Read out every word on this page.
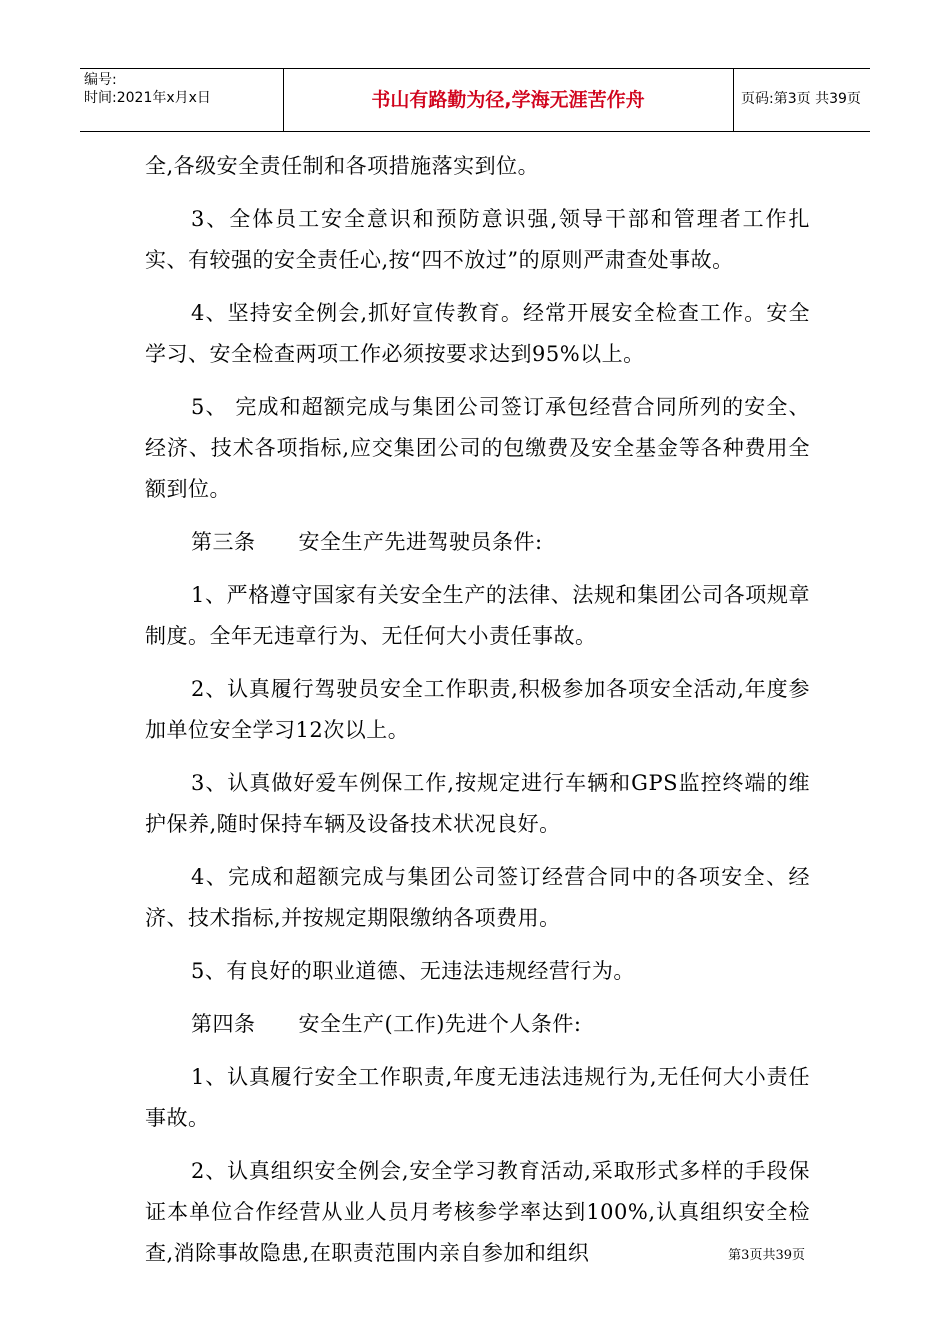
编号:
时间:2021年x月x日	书山有路勤为径,学海无涯苦作舟	页码:第3页 共39页

全,各级安全责任制和各项措施落实到位。

3、全体员工安全意识和预防意识强,领导干部和管理者工作扎实、有较强的安全责任心,按“四不放过”的原则严肃查处事故。

4、坚持安全例会,抓好宣传教育。经常开展安全检查工作。安全学习、安全检查两项工作必须按要求达到95%以上。

5、 完成和超额完成与集团公司签订承包经营合同所列的安全、经济、技术各项指标,应交集团公司的包缴费及安全基金等各种费用全额到位。

第三条　　安全生产先进驾驶员条件:

1、严格遵守国家有关安全生产的法律、法规和集团公司各项规章制度。全年无违章行为、无任何大小责任事故。

2、认真履行驾驶员安全工作职责,积极参加各项安全活动,年度参加单位安全学习12次以上。

3、认真做好爱车例保工作,按规定进行车辆和GPS监控终端的维护保养,随时保持车辆及设备技术状况良好。

4、完成和超额完成与集团公司签订经营合同中的各项安全、经济、技术指标,并按规定期限缴纳各项费用。

5、有良好的职业道德、无违法违规经营行为。

第四条　　安全生产(工作)先进个人条件:

1、认真履行安全工作职责,年度无违法违规行为,无任何大小责任事故。

2、认真组织安全例会,安全学习教育活动,采取形式多样的手段保证本单位合作经营从业人员月考核参学率达到100%,认真组织安全检查,消除事故隐患,在职责范围内亲自参加和组织	第3页共39页
